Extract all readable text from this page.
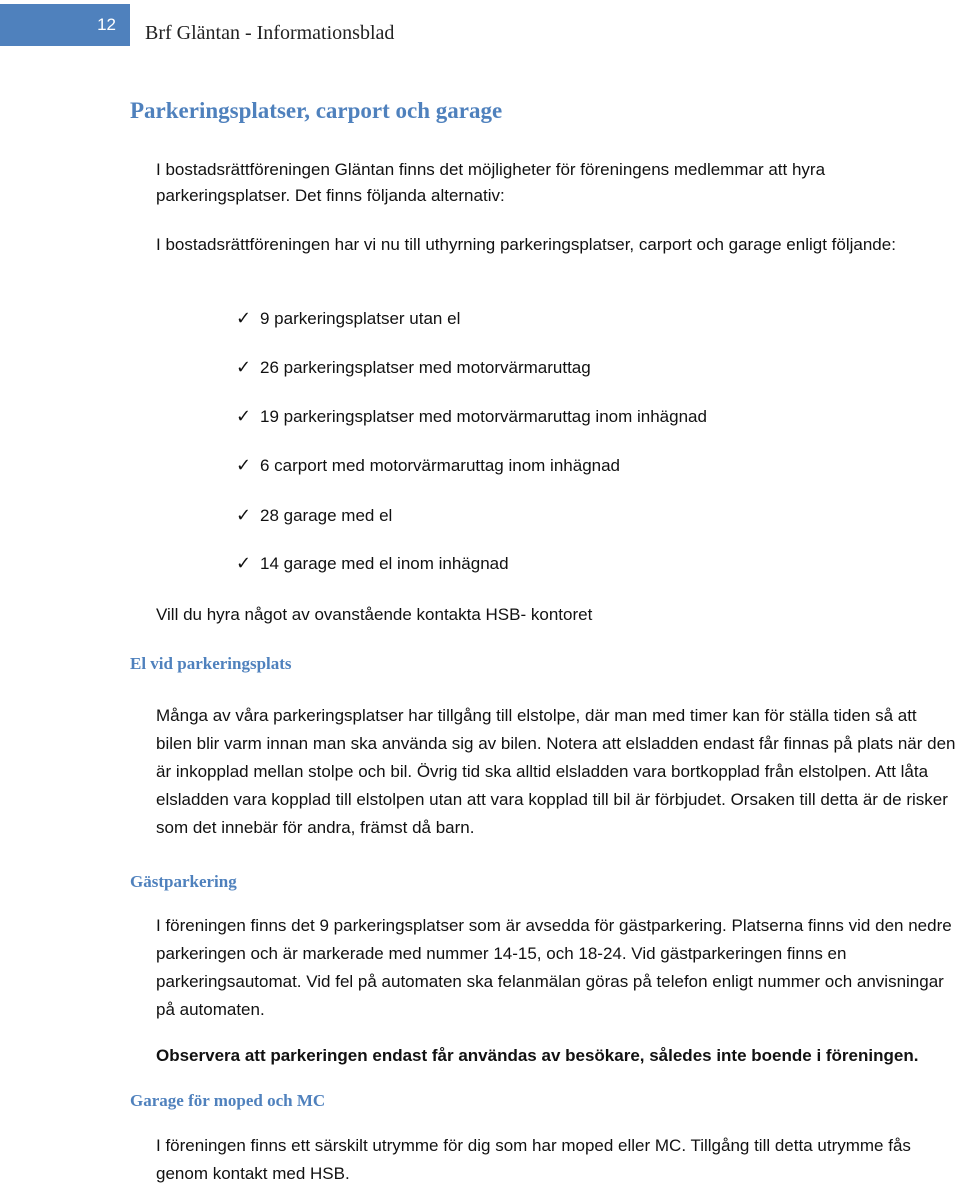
12	Brf Gläntan - Informationsblad
Parkeringsplatser, carport och garage
I bostadsrättföreningen Gläntan finns det möjligheter för föreningens medlemmar att hyra parkeringsplatser. Det finns följanda alternativ:
I bostadsrättföreningen har vi nu till uthyrning parkeringsplatser, carport och garage enligt följande:
✓ 9 parkeringsplatser utan el
✓ 26 parkeringsplatser med motorvärmaruttag
✓ 19 parkeringsplatser med motorvärmaruttag inom inhägnad
✓ 6 carport med motorvärmaruttag inom inhägnad
✓ 28 garage med el
✓ 14 garage med el inom inhägnad
Vill du hyra något av ovanstående kontakta HSB- kontoret
El vid parkeringsplats
Många av våra parkeringsplatser har tillgång till elstolpe, där man med timer kan för ställa tiden så att bilen blir varm innan man ska använda sig av bilen. Notera att elsladden endast får finnas på plats när den är inkopplad mellan stolpe och bil. Övrig tid ska alltid elsladden vara bortkopplad från elstolpen. Att låta elsladden vara kopplad till elstolpen utan att vara kopplad till bil är förbjudet. Orsaken till detta är de risker som det innebär för andra, främst då barn.
Gästparkering
I föreningen finns det 9 parkeringsplatser som är avsedda för gästparkering. Platserna finns vid den nedre parkeringen och är markerade med nummer 14-15, och 18-24. Vid gästparkeringen finns en parkeringsautomat. Vid fel på automaten ska felanmälan göras på telefon enligt nummer och anvisningar på automaten.
Observera att parkeringen endast får användas av besökare, således inte boende i föreningen.
Garage för moped och MC
I föreningen finns ett särskilt utrymme för dig som har moped eller MC. Tillgång till detta utrymme fås genom kontakt med HSB.
